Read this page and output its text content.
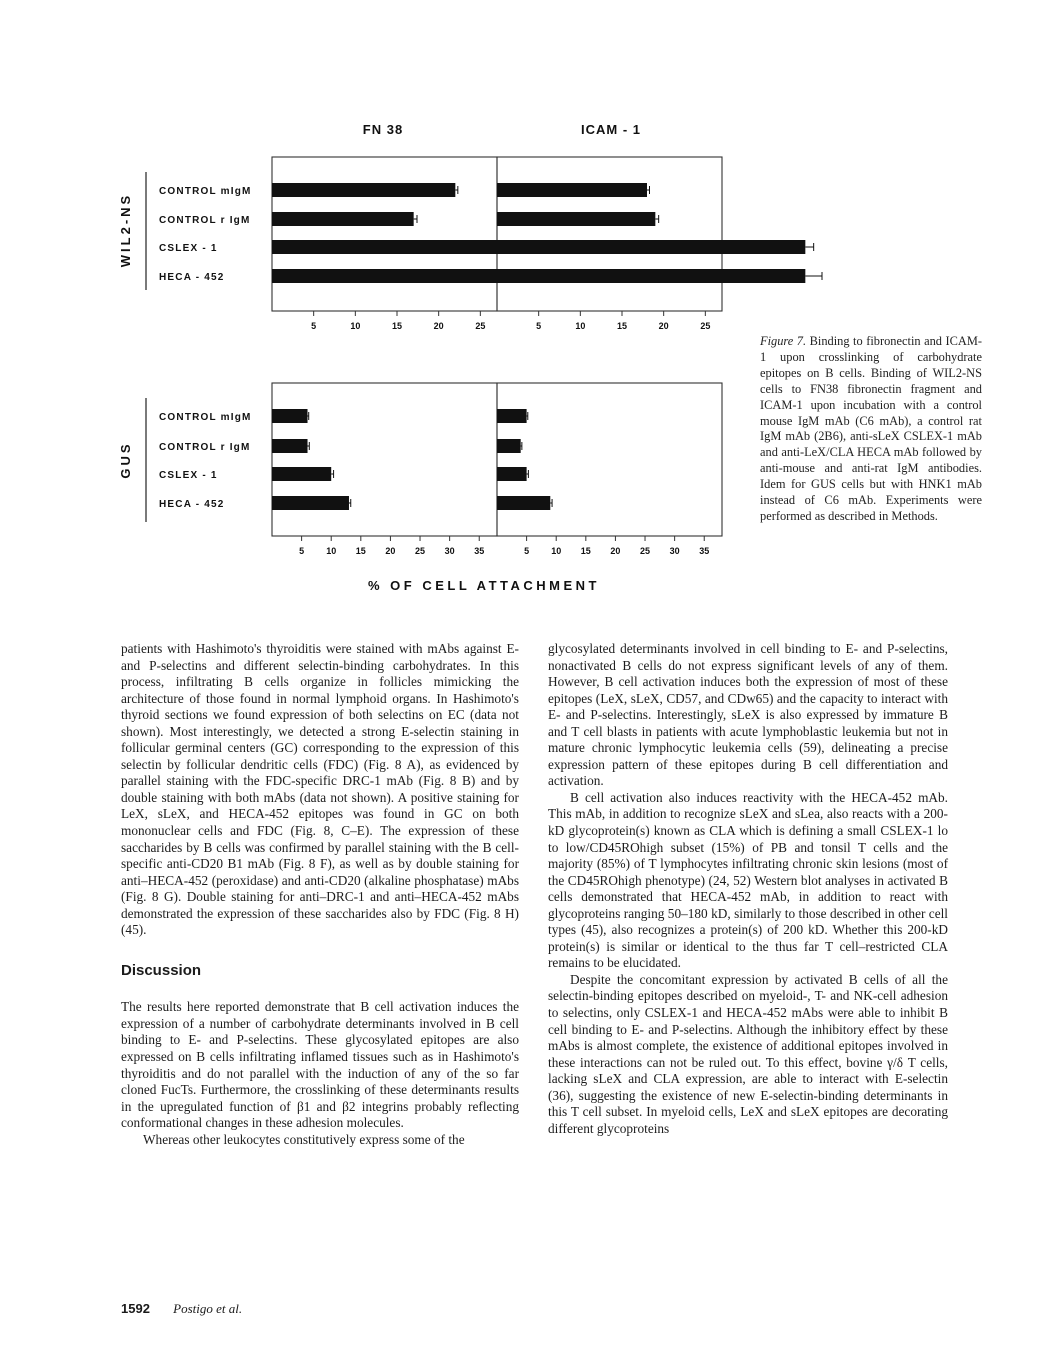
FN 38	ICAM - 1
WIL2-NS
CONTROL mIgM
CONTROL r IgM
CSLEX - 1
HECA - 452
5	10	15	20	25	5	10	15	20	25
GUS
CONTROL mIgM
CONTROL r IgM
CSLEX - 1
HECA - 452
5 10 15 20 25 30 35	5 10 15 20 25 30 35
% OF CELL ATTACHMENT
Figure 7. Binding to fibronectin and ICAM-1 upon crosslinking of carbohydrate epitopes on B cells. Binding of WIL2-NS cells to FN38 fibronectin fragment and ICAM-1 upon incubation with a control mouse IgM mAb (C6 mAb), a control rat IgM mAb (2B6), anti-sLeX CSLEX-1 mAb and anti-LeX/CLA HECA mAb followed by anti-mouse and anti-rat IgM antibodies. Idem for GUS cells but with HNK1 mAb instead of C6 mAb. Experiments were performed as described in Methods.

patients with Hashimoto's thyroiditis were stained with mAbs against E- and P-selectins and different selectin-binding carbohydrates. In this process, infiltrating B cells organize in follicles mimicking the architecture of those found in normal lymphoid organs. In Hashimoto's thyroid sections we found expression of both selectins on EC (data not shown). Most interestingly, we detected a strong E-selectin staining in follicular germinal centers (GC) corresponding to the expression of this selectin by follicular dendritic cells (FDC) (Fig. 8 A), as evidenced by parallel staining with the FDC-specific DRC-1 mAb (Fig. 8 B) and by double staining with both mAbs (data not shown). A positive staining for LeX, sLeX, and HECA-452 epitopes was found in GC on both mononuclear cells and FDC (Fig. 8, C–E). The expression of these saccharides by B cells was confirmed by parallel staining with the B cell-specific anti-CD20 B1 mAb (Fig. 8 F), as well as by double staining for anti–HECA-452 (peroxidase) and anti-CD20 (alkaline phosphatase) mAbs (Fig. 8 G). Double staining for anti–DRC-1 and anti–HECA-452 mAbs demonstrated the expression of these saccharides also by FDC (Fig. 8 H) (45).

Discussion

The results here reported demonstrate that B cell activation induces the expression of a number of carbohydrate determinants involved in B cell binding to E- and P-selectins. These glycosylated epitopes are also expressed on B cells infiltrating inflamed tissues such as in Hashimoto's thyroiditis and do not parallel with the induction of any of the so far cloned FucTs. Furthermore, the crosslinking of these determinants results in the upregulated function of β1 and β2 integrins probably reflecting conformational changes in these adhesion molecules.

Whereas other leukocytes constitutively express some of the

glycosylated determinants involved in cell binding to E- and P-selectins, nonactivated B cells do not express significant levels of any of them. However, B cell activation induces both the expression of most of these epitopes (LeX, sLeX, CD57, and CDw65) and the capacity to interact with E- and P-selectins. Interestingly, sLeX is also expressed by immature B and T cell blasts in patients with acute lymphoblastic leukemia but not in mature chronic lymphocytic leukemia cells (59), delineating a precise expression pattern of these epitopes during B cell differentiation and activation.

B cell activation also induces reactivity with the HECA-452 mAb. This mAb, in addition to recognize sLeX and sLea, also reacts with a 200-kD glycoprotein(s) known as CLA which is defining a small CSLEX-1 lo to low/CD45ROhigh subset (15%) of PB and tonsil T cells and the majority (85%) of T lymphocytes infiltrating chronic skin lesions (most of the CD45ROhigh phenotype) (24, 52) Western blot analyses in activated B cells demonstrated that HECA-452 mAb, in addition to react with glycoproteins ranging 50–180 kD, similarly to those described in other cell types (45), also recognizes a protein(s) of 200 kD. Whether this 200-kD protein(s) is similar or identical to the thus far T cell–restricted CLA remains to be elucidated.

Despite the concomitant expression by activated B cells of all the selectin-binding epitopes described on myeloid-, T- and NK-cell adhesion to selectins, only CSLEX-1 and HECA-452 mAbs were able to inhibit B cell binding to E- and P-selectins. Although the inhibitory effect by these mAbs is almost complete, the existence of additional epitopes involved in these interactions can not be ruled out. To this effect, bovine γ/δ T cells, lacking sLeX and CLA expression, are able to interact with E-selectin (36), suggesting the existence of new E-selectin-binding determinants in this T cell subset. In myeloid cells, LeX and sLeX epitopes are decorating different glycoproteins

1592 Postigo et al.
